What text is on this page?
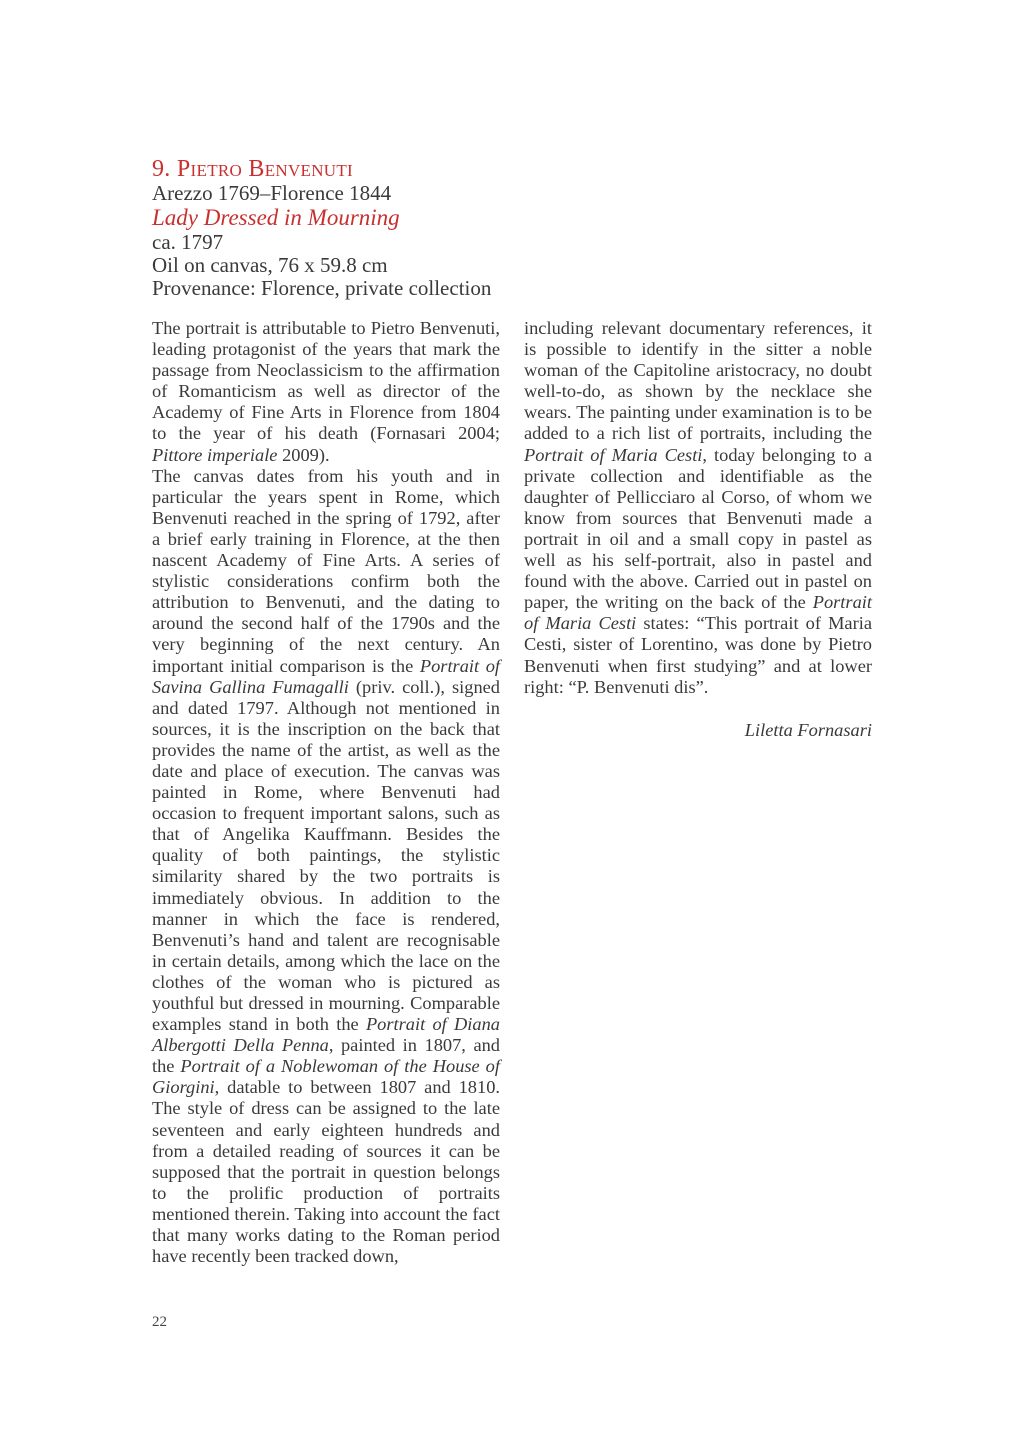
9. Pietro Benvenuti
Arezzo 1769–Florence 1844
Lady Dressed in Mourning
ca. 1797
Oil on canvas, 76 x 59.8 cm
Provenance: Florence, private collection

The portrait is attributable to Pietro Benvenuti, leading protagonist of the years that mark the passage from Neoclassicism to the affirmation of Romanticism as well as director of the Academy of Fine Arts in Florence from 1804 to the year of his death (Fornasari 2004; Pittore imperiale 2009).

The canvas dates from his youth and in particular the years spent in Rome, which Benvenuti reached in the spring of 1792, after a brief early training in Florence, at the then nascent Academy of Fine Arts. A series of stylistic considerations confirm both the attribution to Benvenuti, and the dating to around the second half of the 1790s and the very beginning of the next century. An important initial comparison is the Portrait of Savina Gallina Fumagalli (priv. coll.), signed and dated 1797. Although not mentioned in sources, it is the inscription on the back that provides the name of the artist, as well as the date and place of execution. The canvas was painted in Rome, where Benvenuti had occasion to frequent important salons, such as that of Angelika Kauffmann. Besides the quality of both paintings, the stylistic similarity shared by the two portraits is immediately obvious. In addition to the manner in which the face is rendered, Benvenuti’s hand and talent are recognisable in certain details, among which the lace on the clothes of the woman who is pictured as youthful but dressed in mourning. Comparable examples stand in both the Portrait of Diana Albergotti Della Penna, painted in 1807, and the Portrait of a Noblewoman of the House of Giorgini, datable to between 1807 and 1810. The style of dress can be assigned to the late seventeen and early eighteen hundreds and from a detailed reading of sources it can be supposed that the portrait in question belongs to the prolific production of portraits mentioned therein. Taking into account the fact that many works dating to the Roman period have recently been tracked down,

including relevant documentary references, it is possible to identify in the sitter a noble woman of the Capitoline aristocracy, no doubt well-to-do, as shown by the necklace she wears. The painting under examination is to be added to a rich list of portraits, including the Portrait of Maria Cesti, today belonging to a private collection and identifiable as the daughter of Pellicciaro al Corso, of whom we know from sources that Benvenuti made a portrait in oil and a small copy in pastel as well as his self-portrait, also in pastel and found with the above. Carried out in pastel on paper, the writing on the back of the Portrait of Maria Cesti states: “This portrait of Maria Cesti, sister of Lorentino, was done by Pietro Benvenuti when first studying” and at lower right: “P. Benvenuti dis”.

Liletta Fornasari

22
